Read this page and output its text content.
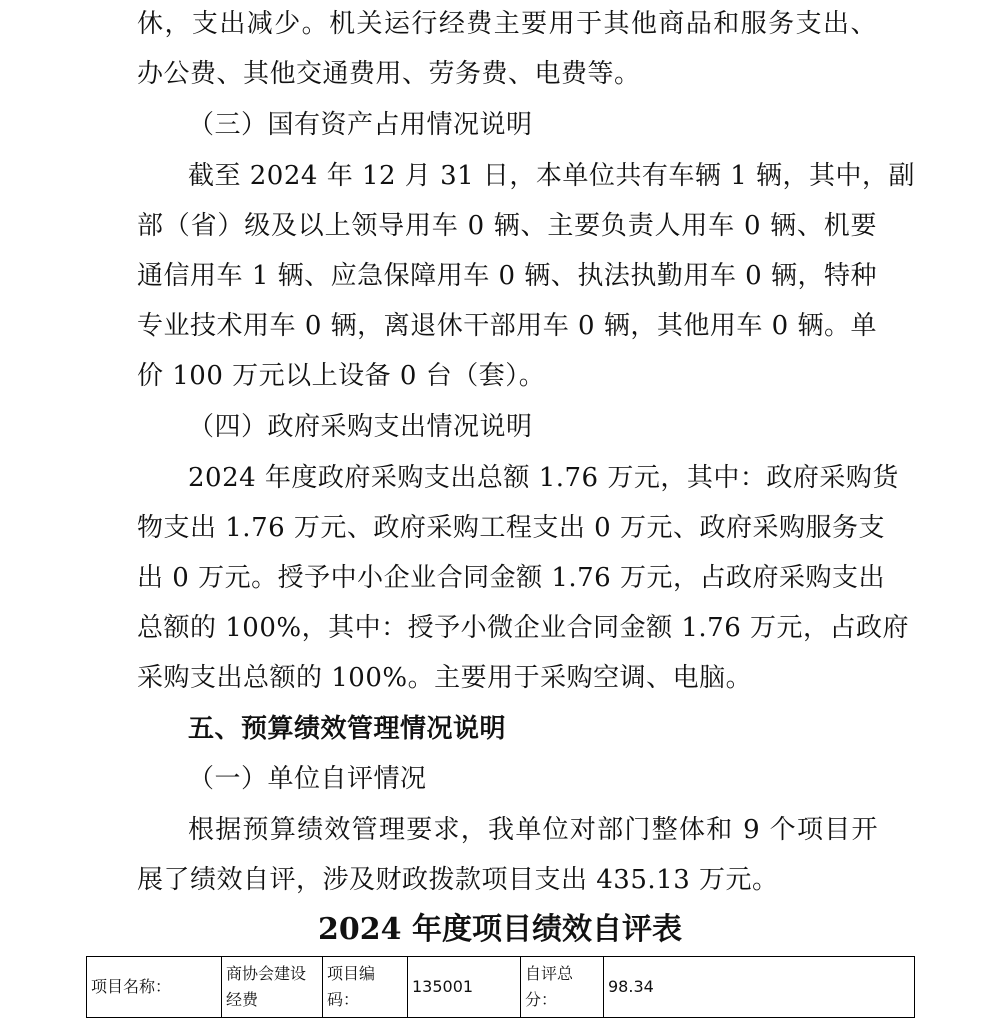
休，支出减少。机关运行经费主要用于其他商品和服务支出、
办公费、其他交通费用、劳务费、电费等。
（三）国有资产占用情况说明
截至 2024 年 12 月 31 日，本单位共有车辆 1 辆，其中，副
部（省）级及以上领导用车 0 辆、主要负责人用车 0 辆、机要
通信用车 1 辆、应急保障用车 0 辆、执法执勤用车 0 辆，特种
专业技术用车 0 辆，离退休干部用车 0 辆，其他用车 0 辆。单
价 100 万元以上设备 0 台（套）。
（四）政府采购支出情况说明
2024 年度政府采购支出总额 1.76 万元，其中：政府采购货
物支出 1.76 万元、政府采购工程支出 0 万元、政府采购服务支
出 0 万元。授予中小企业合同金额 1.76 万元，占政府采购支出
总额的 100%，其中：授予小微企业合同金额 1.76 万元，占政府
采购支出总额的 100%。主要用于采购空调、电脑。
五、预算绩效管理情况说明
（一）单位自评情况
根据预算绩效管理要求，我单位对部门整体和 9 个项目开
展了绩效自评，涉及财政拨款项目支出 435.13 万元。
2024 年度项目绩效自评表
项目名称：	商协会建设经费	项目编码：	135001	自评总分：	98.34
